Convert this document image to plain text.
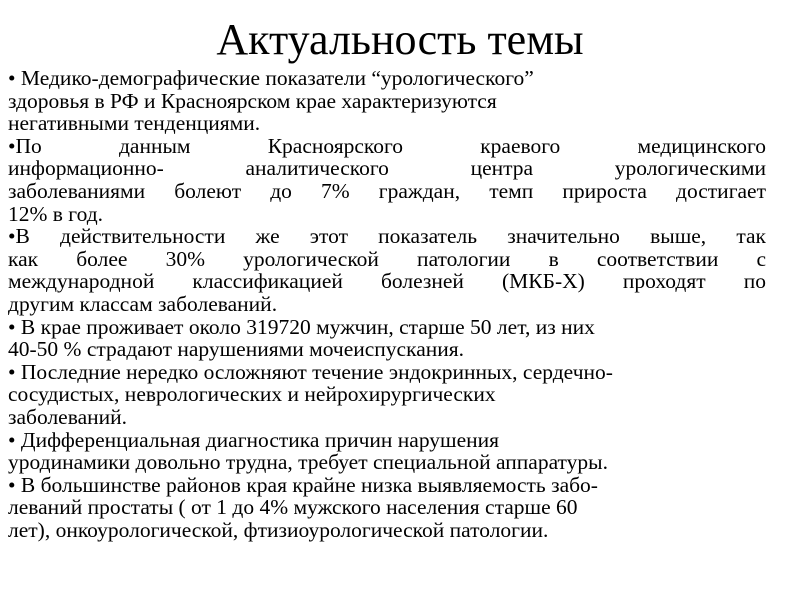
Актуальность темы
• Медико-демографические показатели “урологического”
здоровья в РФ и Красноярском крае характеризуются
негативными тенденциями.
•По данным Красноярского краевого медицинского
информационно- аналитического центра урологическими
заболеваниями болеют до 7% граждан, темп прироста достигает
12% в год.
•В действительности же этот показатель значительно выше, так
как более 30% урологической патологии в соответствии с
международной классификацией болезней (МКБ-X) проходят по
другим классам заболеваний.
• В крае проживает около 319720 мужчин, старше 50 лет, из них
40-50 % страдают нарушениями мочеиспускания.
• Последние нередко осложняют течение эндокринных, сердечно-
сосудистых, неврологических и нейрохирургических
заболеваний.
• Дифференциальная диагностика причин нарушения
уродинамики довольно трудна, требует специальной аппаратуры.
• В большинстве районов края крайне низка выявляемость забо-
леваний простаты ( от 1 до 4% мужского населения старше 60
лет), онкоурологической, фтизиоурологической патологии.
